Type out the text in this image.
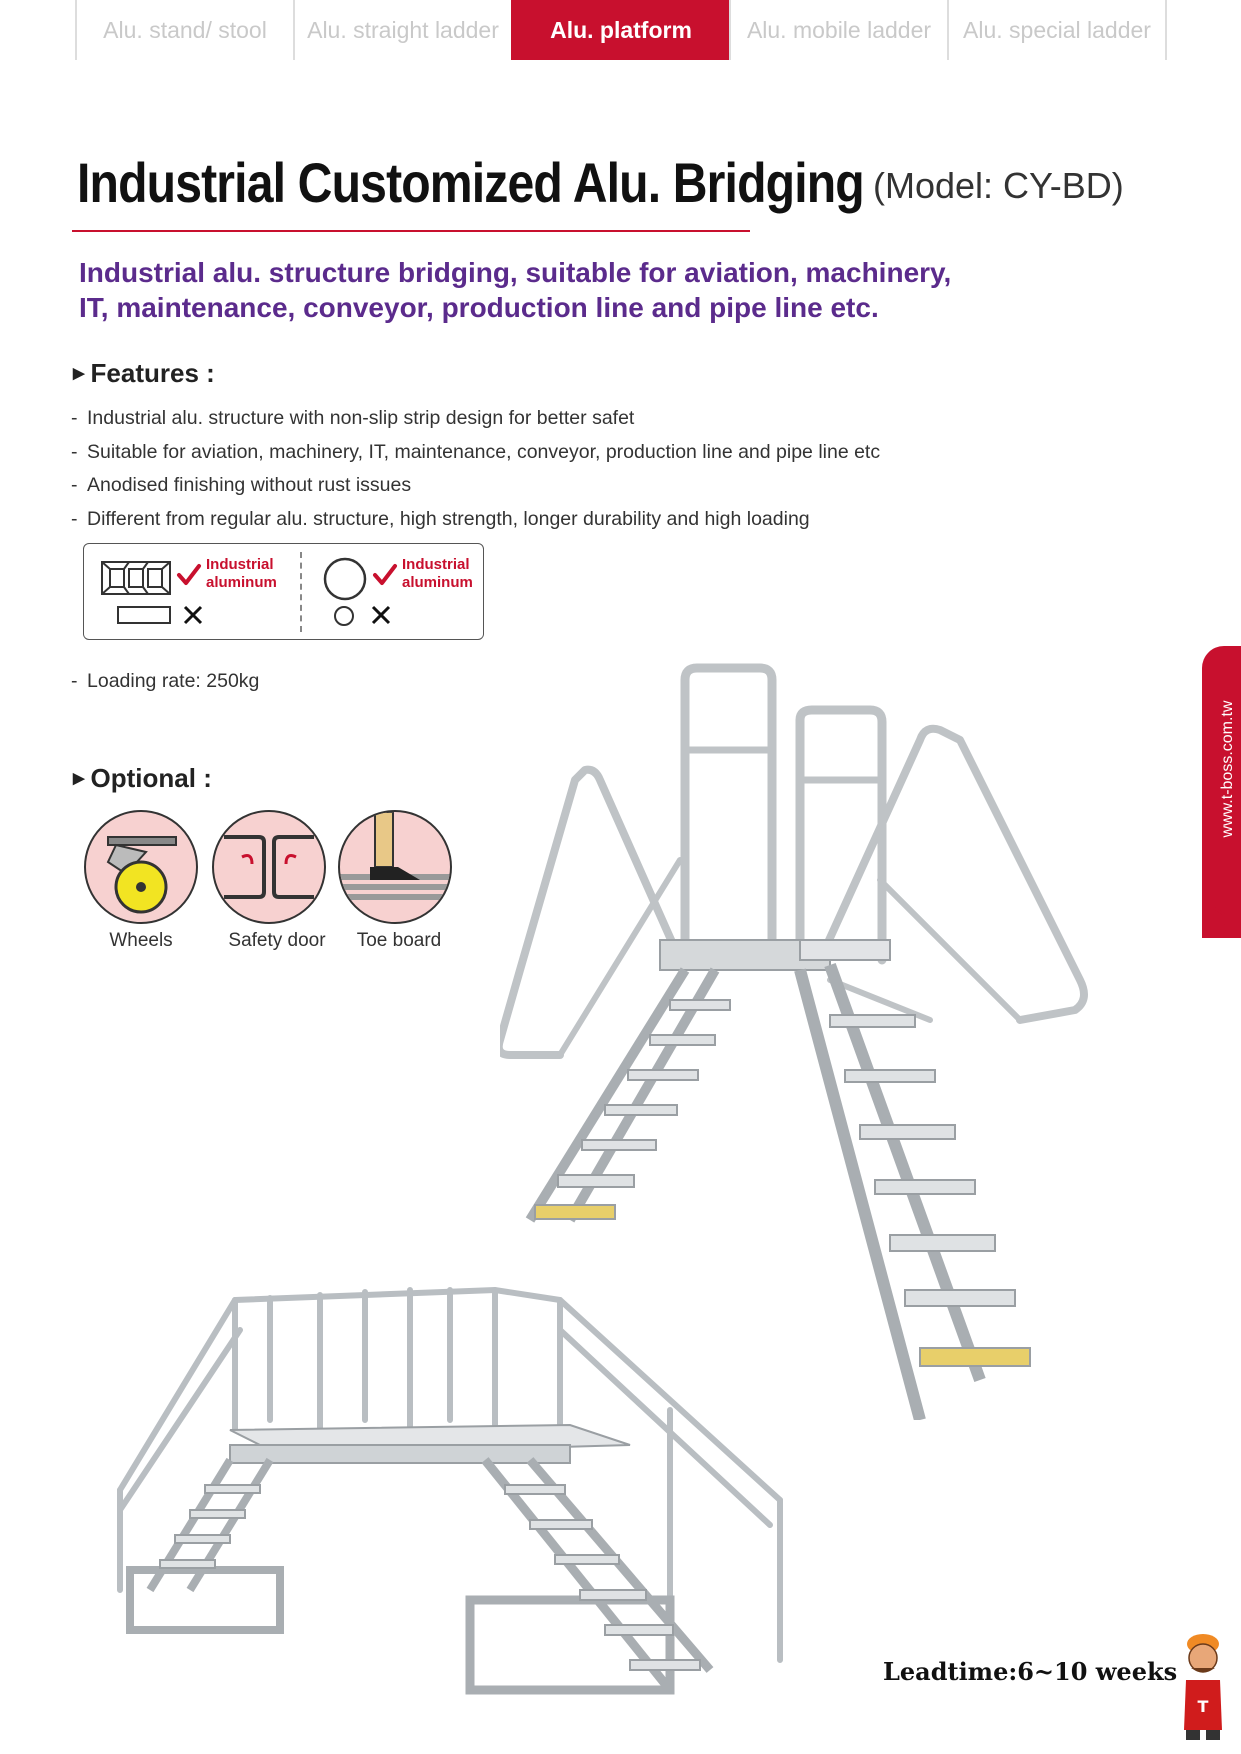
Alu. stand/ stool	Alu. straight ladder	Alu. platform	Alu. mobile ladder	Alu. special ladder
Industrial Customized Alu. Bridging (Model: CY-BD)
Industrial alu. structure bridging, suitable for aviation, machinery,
IT, maintenance, conveyor, production line and pipe line etc.
▶ Features :
- Industrial alu. structure with non-slip strip design for better safet
- Suitable for aviation, machinery, IT, maintenance, conveyor, production line and pipe line etc
- Anodised finishing without rust issues
- Different from regular alu. structure, high strength, longer durability and high loading
Industrial
aluminum
Industrial
aluminum
- Loading rate: 250kg
▶ Optional :
Wheels	Safety door	Toe board
www.t-boss.com.tw
40
Leadtime:6~10 weeks
T
